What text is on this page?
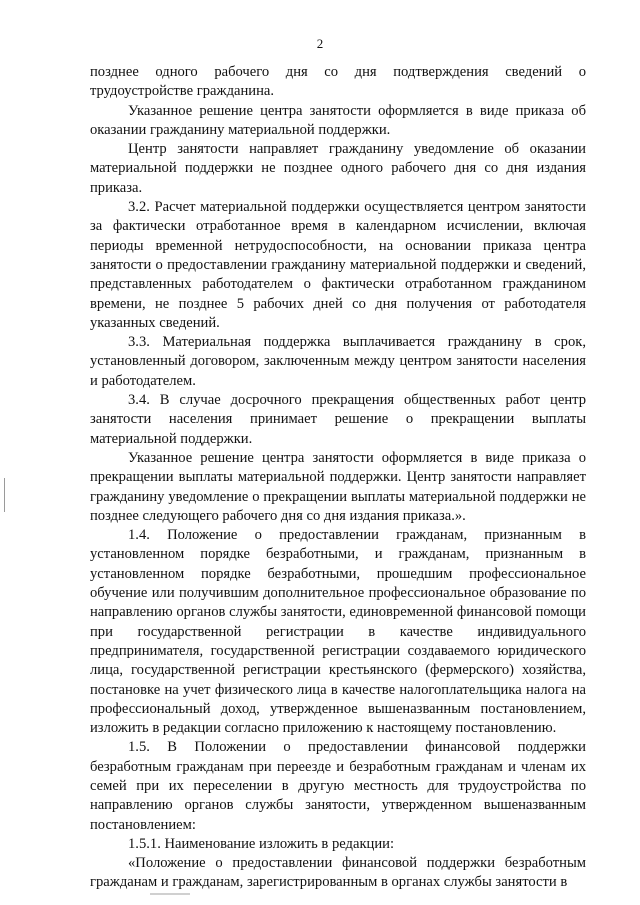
2

позднее одного рабочего дня со дня подтверждения сведений о трудоустройстве гражданина.

Указанное решение центра занятости оформляется в виде приказа об оказании гражданину материальной поддержки.

Центр занятости направляет гражданину уведомление об оказании материальной поддержки не позднее одного рабочего дня со дня издания приказа.

3.2. Расчет материальной поддержки осуществляется центром занятости за фактически отработанное время в календарном исчислении, включая периоды временной нетрудоспособности, на основании приказа центра занятости о предоставлении гражданину материальной поддержки и сведений, представленных работодателем о фактически отработанном гражданином времени, не позднее 5 рабочих дней со дня получения от работодателя указанных сведений.

3.3. Материальная поддержка выплачивается гражданину в срок, установленный договором, заключенным между центром занятости населения и работодателем.

3.4. В случае досрочного прекращения общественных работ центр занятости населения принимает решение о прекращении выплаты материальной поддержки.

Указанное решение центра занятости оформляется в виде приказа о прекращении выплаты материальной поддержки. Центр занятости направляет гражданину уведомление о прекращении выплаты материальной поддержки не позднее следующего рабочего дня со дня издания приказа.».

1.4. Положение о предоставлении гражданам, признанным в установленном порядке безработными, и гражданам, признанным в установленном порядке безработными, прошедшим профессиональное обучение или получившим дополнительное профессиональное образование по направлению органов службы занятости, единовременной финансовой помощи при государственной регистрации в качестве индивидуального предпринимателя, государственной регистрации создаваемого юридического лица, государственной регистрации крестьянского (фермерского) хозяйства, постановке на учет физического лица в качестве налогоплательщика налога на профессиональный доход, утвержденное вышеназванным постановлением, изложить в редакции согласно приложению к настоящему постановлению.

1.5. В Положении о предоставлении финансовой поддержки безработным гражданам при переезде и безработным гражданам и членам их семей при их переселении в другую местность для трудоустройства по направлению органов службы занятости, утвержденном вышеназванным постановлением:

1.5.1. Наименование изложить в редакции:

«Положение о предоставлении финансовой поддержки безработным гражданам и гражданам, зарегистрированным в органах службы занятости в
